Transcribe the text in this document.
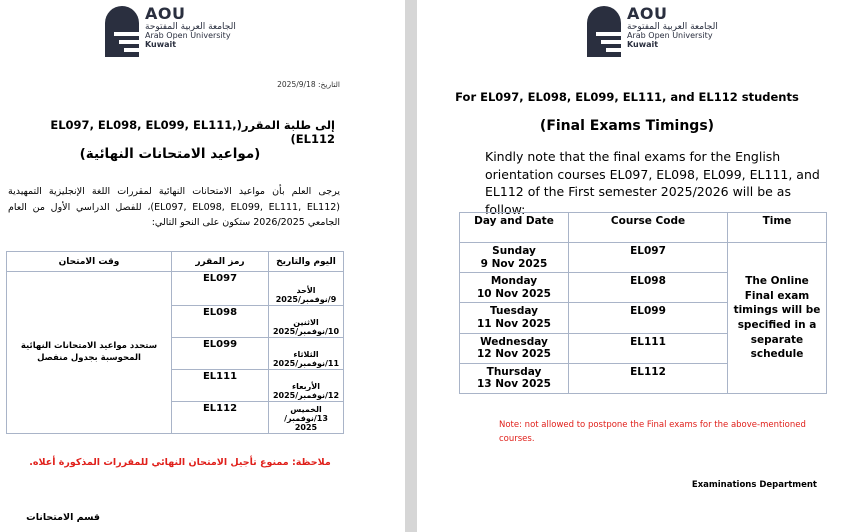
AOU
الجامعة العربية المفتوحة
Arab Open University
Kuwait
التاريخ: 2025/9/18
إلى طلبة المقرر(EL097, EL098, EL099, EL111, EL112)
(مواعيد الامتحانات النهائية)
يرجى العلم بأن مواعيد الامتحانات النهائية لمقررات اللغة الإنجليزية التمهيدية (EL097, EL098, EL099, EL111, EL112)، للفصل الدراسي الأول من العام الجامعي 2026/2025 ستكون على النحو التالي:
اليوم والتاريخ	رمز المقرر	وقت الامتحان

الأحد
9/نوفمبر/2025	EL097	ستحدد مواعيد الامتحانات النهائية المحوسبة بجدول منفصل

الاثنين
10/نوفمبر/2025	EL098	

الثلاثاء
11/نوفمبر/2025	EL099	

الأربعاء
12/نوفمبر/2025	EL111	

الخميس
13/نوفمبر/ 2025	EL112	
ملاحظة: ممنوع تأجيل الامتحان النهائي للمقررات المذكورة أعلاه.
قسم الامتحانات
AOU
الجامعة العربية المفتوحة
Arab Open University
Kuwait
For EL097, EL098, EL099, EL111, and EL112 students
(Final Exams Timings)
Kindly note that the final exams for the English orientation courses EL097, EL098, EL099, EL111, and EL112 of the First semester 2025/2026 will be as follow:
Day and Date	Course Code	Time

Sunday
9 Nov 2025	EL097	The Online Final exam timings will be specified in a separate schedule

Monday
10 Nov 2025	EL098	

Tuesday
11 Nov 2025	EL099	

Wednesday
12 Nov 2025	EL111	

Thursday
13 Nov 2025	EL112	
Note: not allowed to postpone the Final exams for the above-mentioned courses.
Examinations Department
